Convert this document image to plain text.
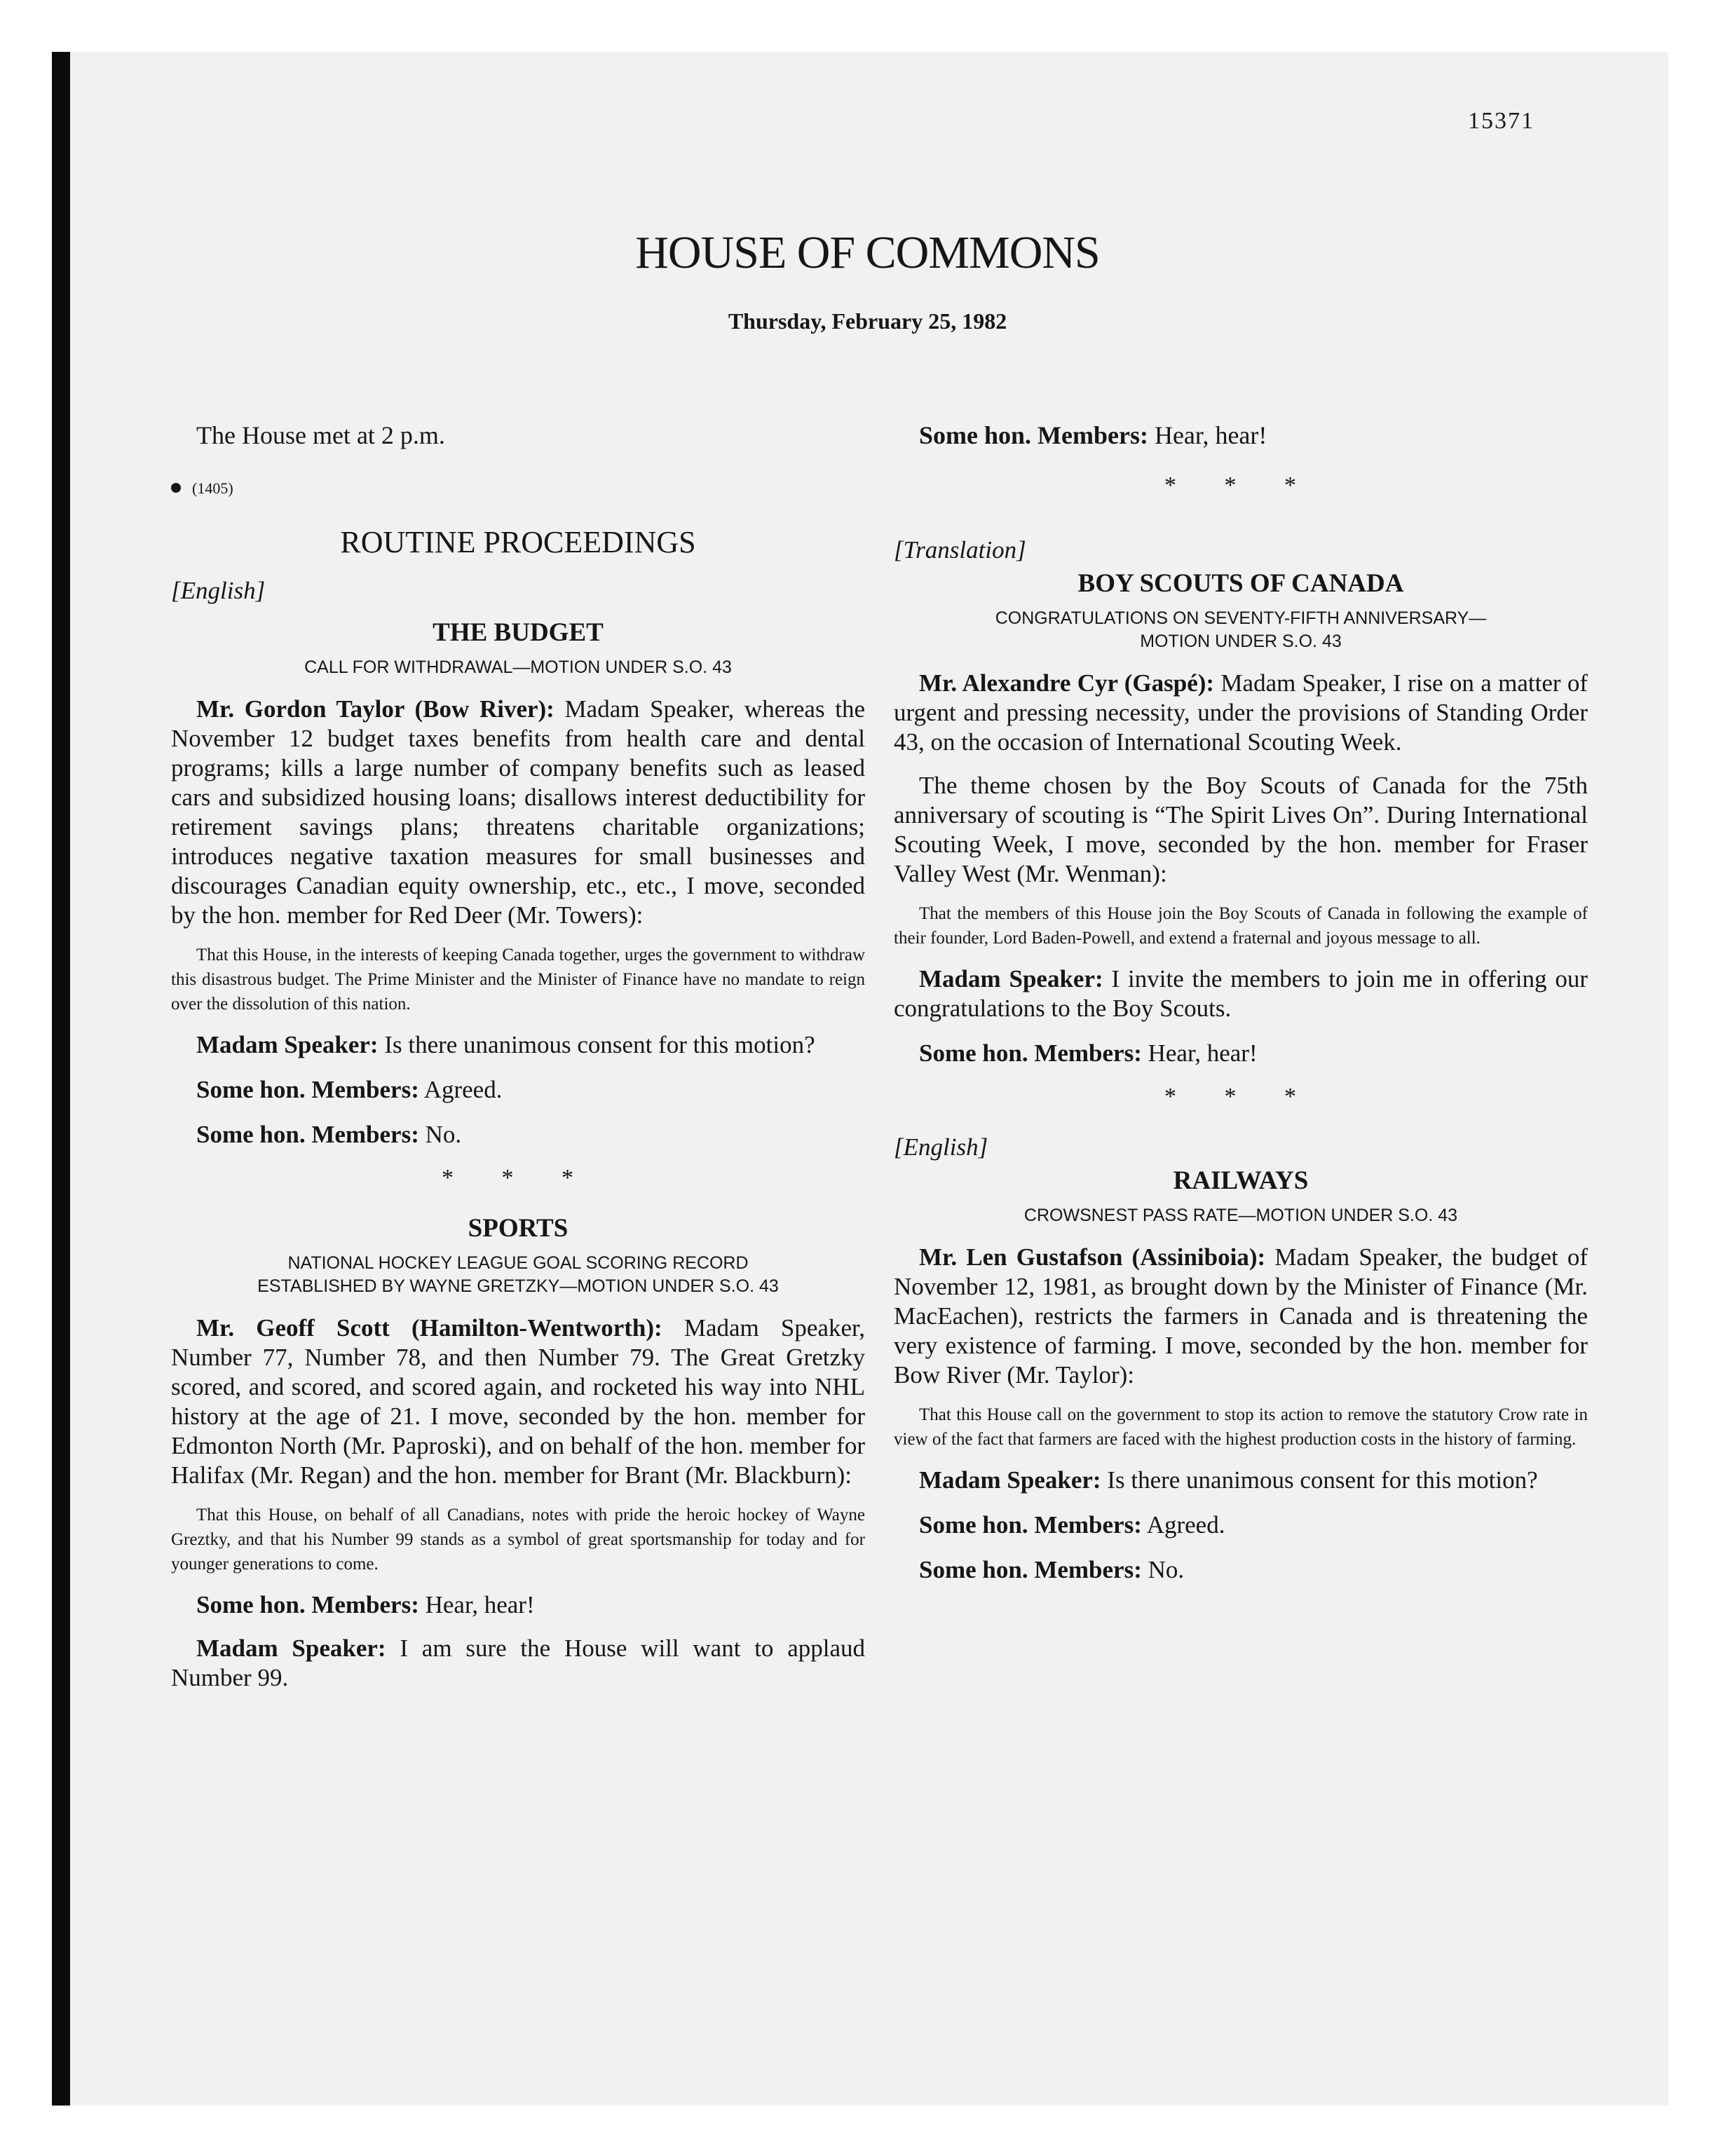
15371
HOUSE OF COMMONS
Thursday, February 25, 1982

The House met at 2 p.m.

(1405)

ROUTINE PROCEEDINGS

[English]

THE BUDGET

CALL FOR WITHDRAWAL—MOTION UNDER S.O. 43

Mr. Gordon Taylor (Bow River): Madam Speaker, whereas the November 12 budget taxes benefits from health care and dental programs; kills a large number of company benefits such as leased cars and subsidized housing loans; disallows interest deductibility for retirement savings plans; threatens charitable organizations; introduces negative taxation measures for small businesses and discourages Canadian equity ownership, etc., etc., I move, seconded by the hon. member for Red Deer (Mr. Towers):

That this House, in the interests of keeping Canada together, urges the government to withdraw this disastrous budget. The Prime Minister and the Minister of Finance have no mandate to reign over the dissolution of this nation.

Madam Speaker: Is there unanimous consent for this motion?

Some hon. Members: Agreed.

Some hon. Members: No.

* * *

SPORTS

NATIONAL HOCKEY LEAGUE GOAL SCORING RECORD

ESTABLISHED BY WAYNE GRETZKY—MOTION UNDER S.O. 43

Mr. Geoff Scott (Hamilton-Wentworth): Madam Speaker, Number 77, Number 78, and then Number 79. The Great Gretzky scored, and scored, and scored again, and rocketed his way into NHL history at the age of 21. I move, seconded by the hon. member for Edmonton North (Mr. Paproski), and on behalf of the hon. member for Halifax (Mr. Regan) and the hon. member for Brant (Mr. Blackburn):

That this House, on behalf of all Canadians, notes with pride the heroic hockey of Wayne Greztky, and that his Number 99 stands as a symbol of great sportsmanship for today and for younger generations to come.

Some hon. Members: Hear, hear!

Madam Speaker: I am sure the House will want to applaud Number 99.

Some hon. Members: Hear, hear!

* * *

[Translation]

BOY SCOUTS OF CANADA

CONGRATULATIONS ON SEVENTY-FIFTH ANNIVERSARY—

MOTION UNDER S.O. 43

Mr. Alexandre Cyr (Gaspé): Madam Speaker, I rise on a matter of urgent and pressing necessity, under the provisions of Standing Order 43, on the occasion of International Scouting Week.

The theme chosen by the Boy Scouts of Canada for the 75th anniversary of scouting is “The Spirit Lives On”. During International Scouting Week, I move, seconded by the hon. member for Fraser Valley West (Mr. Wenman):

That the members of this House join the Boy Scouts of Canada in following the example of their founder, Lord Baden-Powell, and extend a fraternal and joyous message to all.

Madam Speaker: I invite the members to join me in offering our congratulations to the Boy Scouts.

Some hon. Members: Hear, hear!

* * *

[English]

RAILWAYS

CROWSNEST PASS RATE—MOTION UNDER S.O. 43

Mr. Len Gustafson (Assiniboia): Madam Speaker, the budget of November 12, 1981, as brought down by the Minister of Finance (Mr. MacEachen), restricts the farmers in Canada and is threatening the very existence of farming. I move, seconded by the hon. member for Bow River (Mr. Taylor):

That this House call on the government to stop its action to remove the statutory Crow rate in view of the fact that farmers are faced with the highest production costs in the history of farming.

Madam Speaker: Is there unanimous consent for this motion?

Some hon. Members: Agreed.

Some hon. Members: No.
